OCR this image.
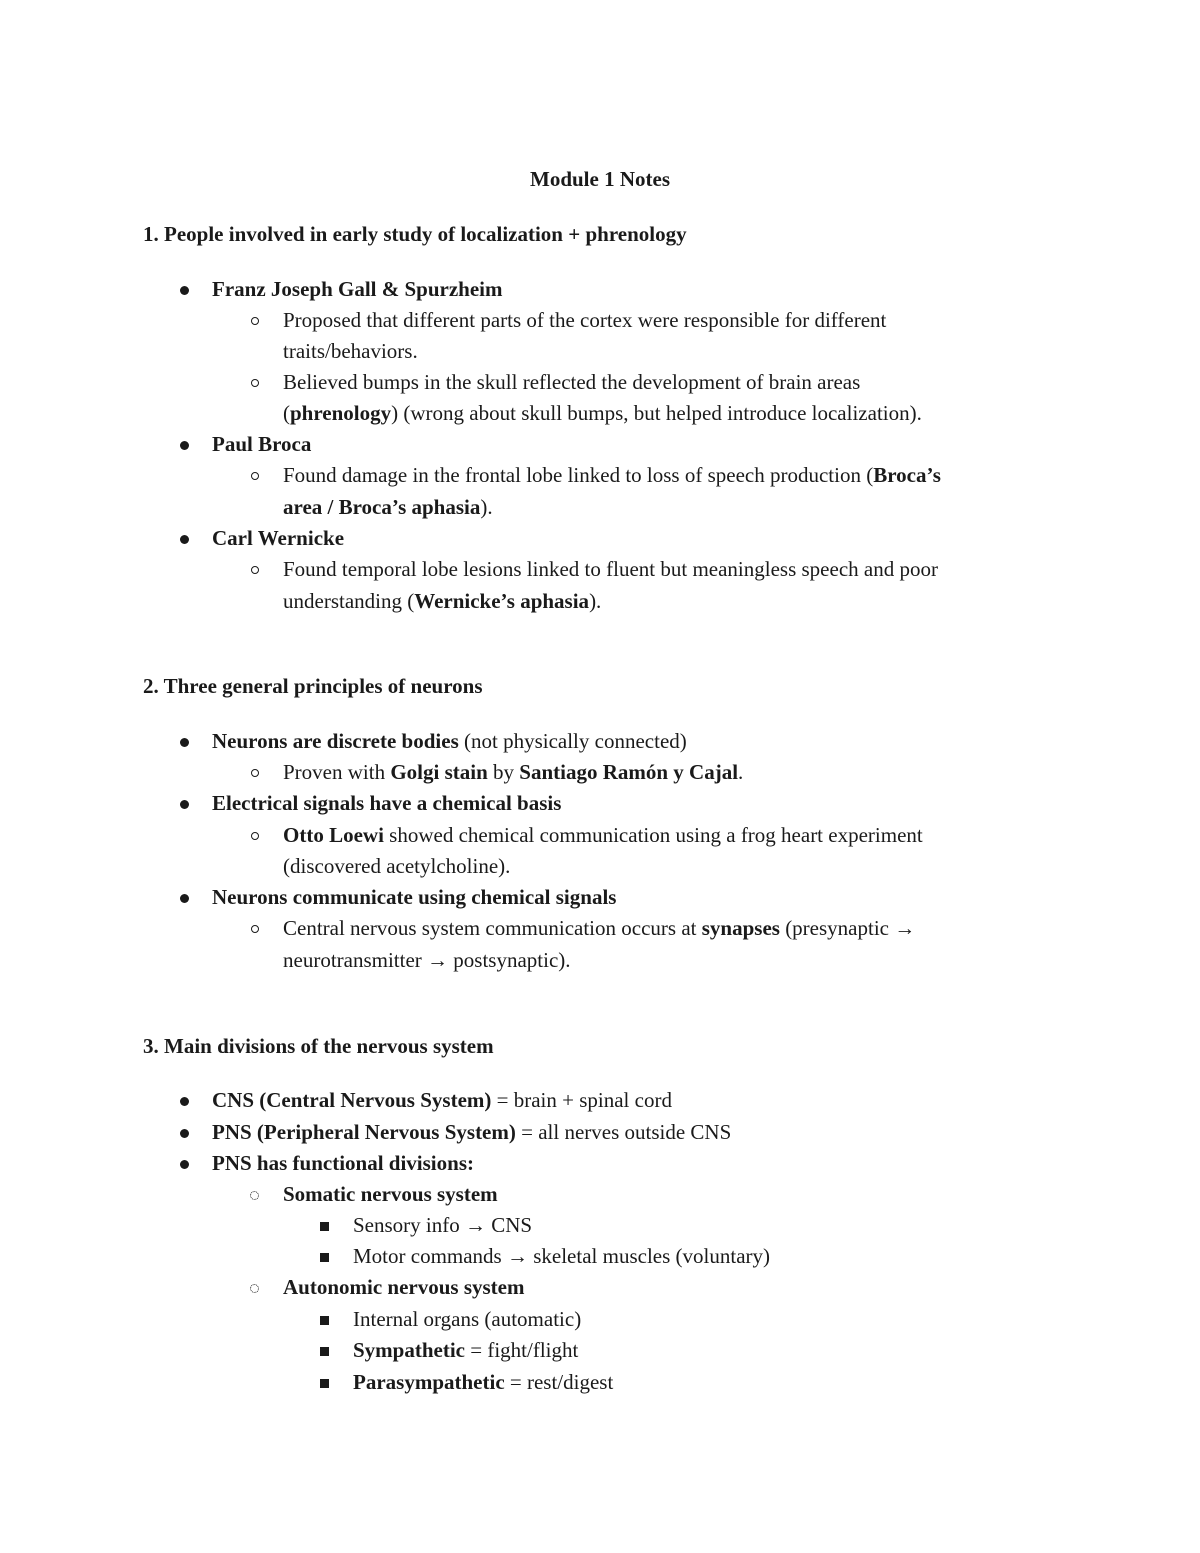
Module 1 Notes
1. People involved in early study of localization + phrenology
Franz Joseph Gall & Spurzheim
Proposed that different parts of the cortex were responsible for different
traits/behaviors.
Believed bumps in the skull reflected the development of brain areas
(phrenology) (wrong about skull bumps, but helped introduce localization).
Paul Broca
Found damage in the frontal lobe linked to loss of speech production (Broca’s
area / Broca’s aphasia).
Carl Wernicke
Found temporal lobe lesions linked to fluent but meaningless speech and poor
understanding (Wernicke’s aphasia).
2. Three general principles of neurons
Neurons are discrete bodies (not physically connected)
Proven with Golgi stain by Santiago Ramón y Cajal.
Electrical signals have a chemical basis
Otto Loewi showed chemical communication using a frog heart experiment
(discovered acetylcholine).
Neurons communicate using chemical signals
Central nervous system communication occurs at synapses (presynaptic →
neurotransmitter → postsynaptic).
3. Main divisions of the nervous system
CNS (Central Nervous System) = brain + spinal cord
PNS (Peripheral Nervous System) = all nerves outside CNS
PNS has functional divisions:
Somatic nervous system
Sensory info → CNS
Motor commands → skeletal muscles (voluntary)
Autonomic nervous system
Internal organs (automatic)
Sympathetic = fight/flight
Parasympathetic = rest/digest
